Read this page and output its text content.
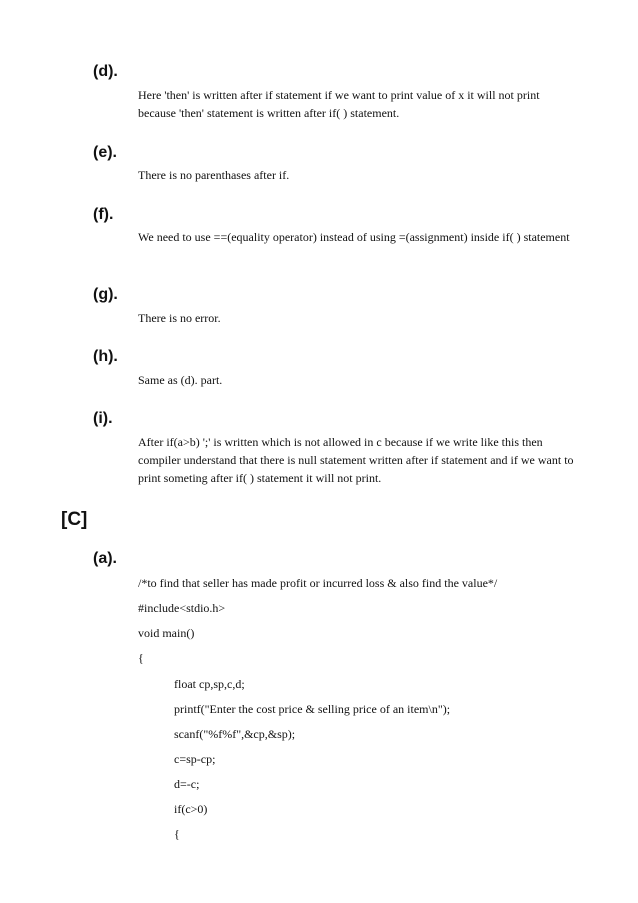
(d).
Here 'then' is written after if statement if we want to print value of x it will not print because 'then' statement is written after if( ) statement.
(e).
There is no parenthases after if.
(f).
We need to use ==(equality operator) instead of using =(assignment) inside if( ) statement
(g).
There is no error.
(h).
Same as (d). part.
(i).
After if(a>b) ';' is written which is not allowed in c because if we write like this then compiler understand that there is null statement written after if statement and if we want to print someting after if( ) statement it will not print.
[C]
(a).
/*to find that seller has made profit or incurred loss & also find the value*/
#include<stdio.h>
void main()
{
float cp,sp,c,d;
printf("Enter the cost price & selling price of an item\n");
scanf("%f%f",&cp,&sp);
c=sp-cp;
d=-c;
if(c>0)
{
